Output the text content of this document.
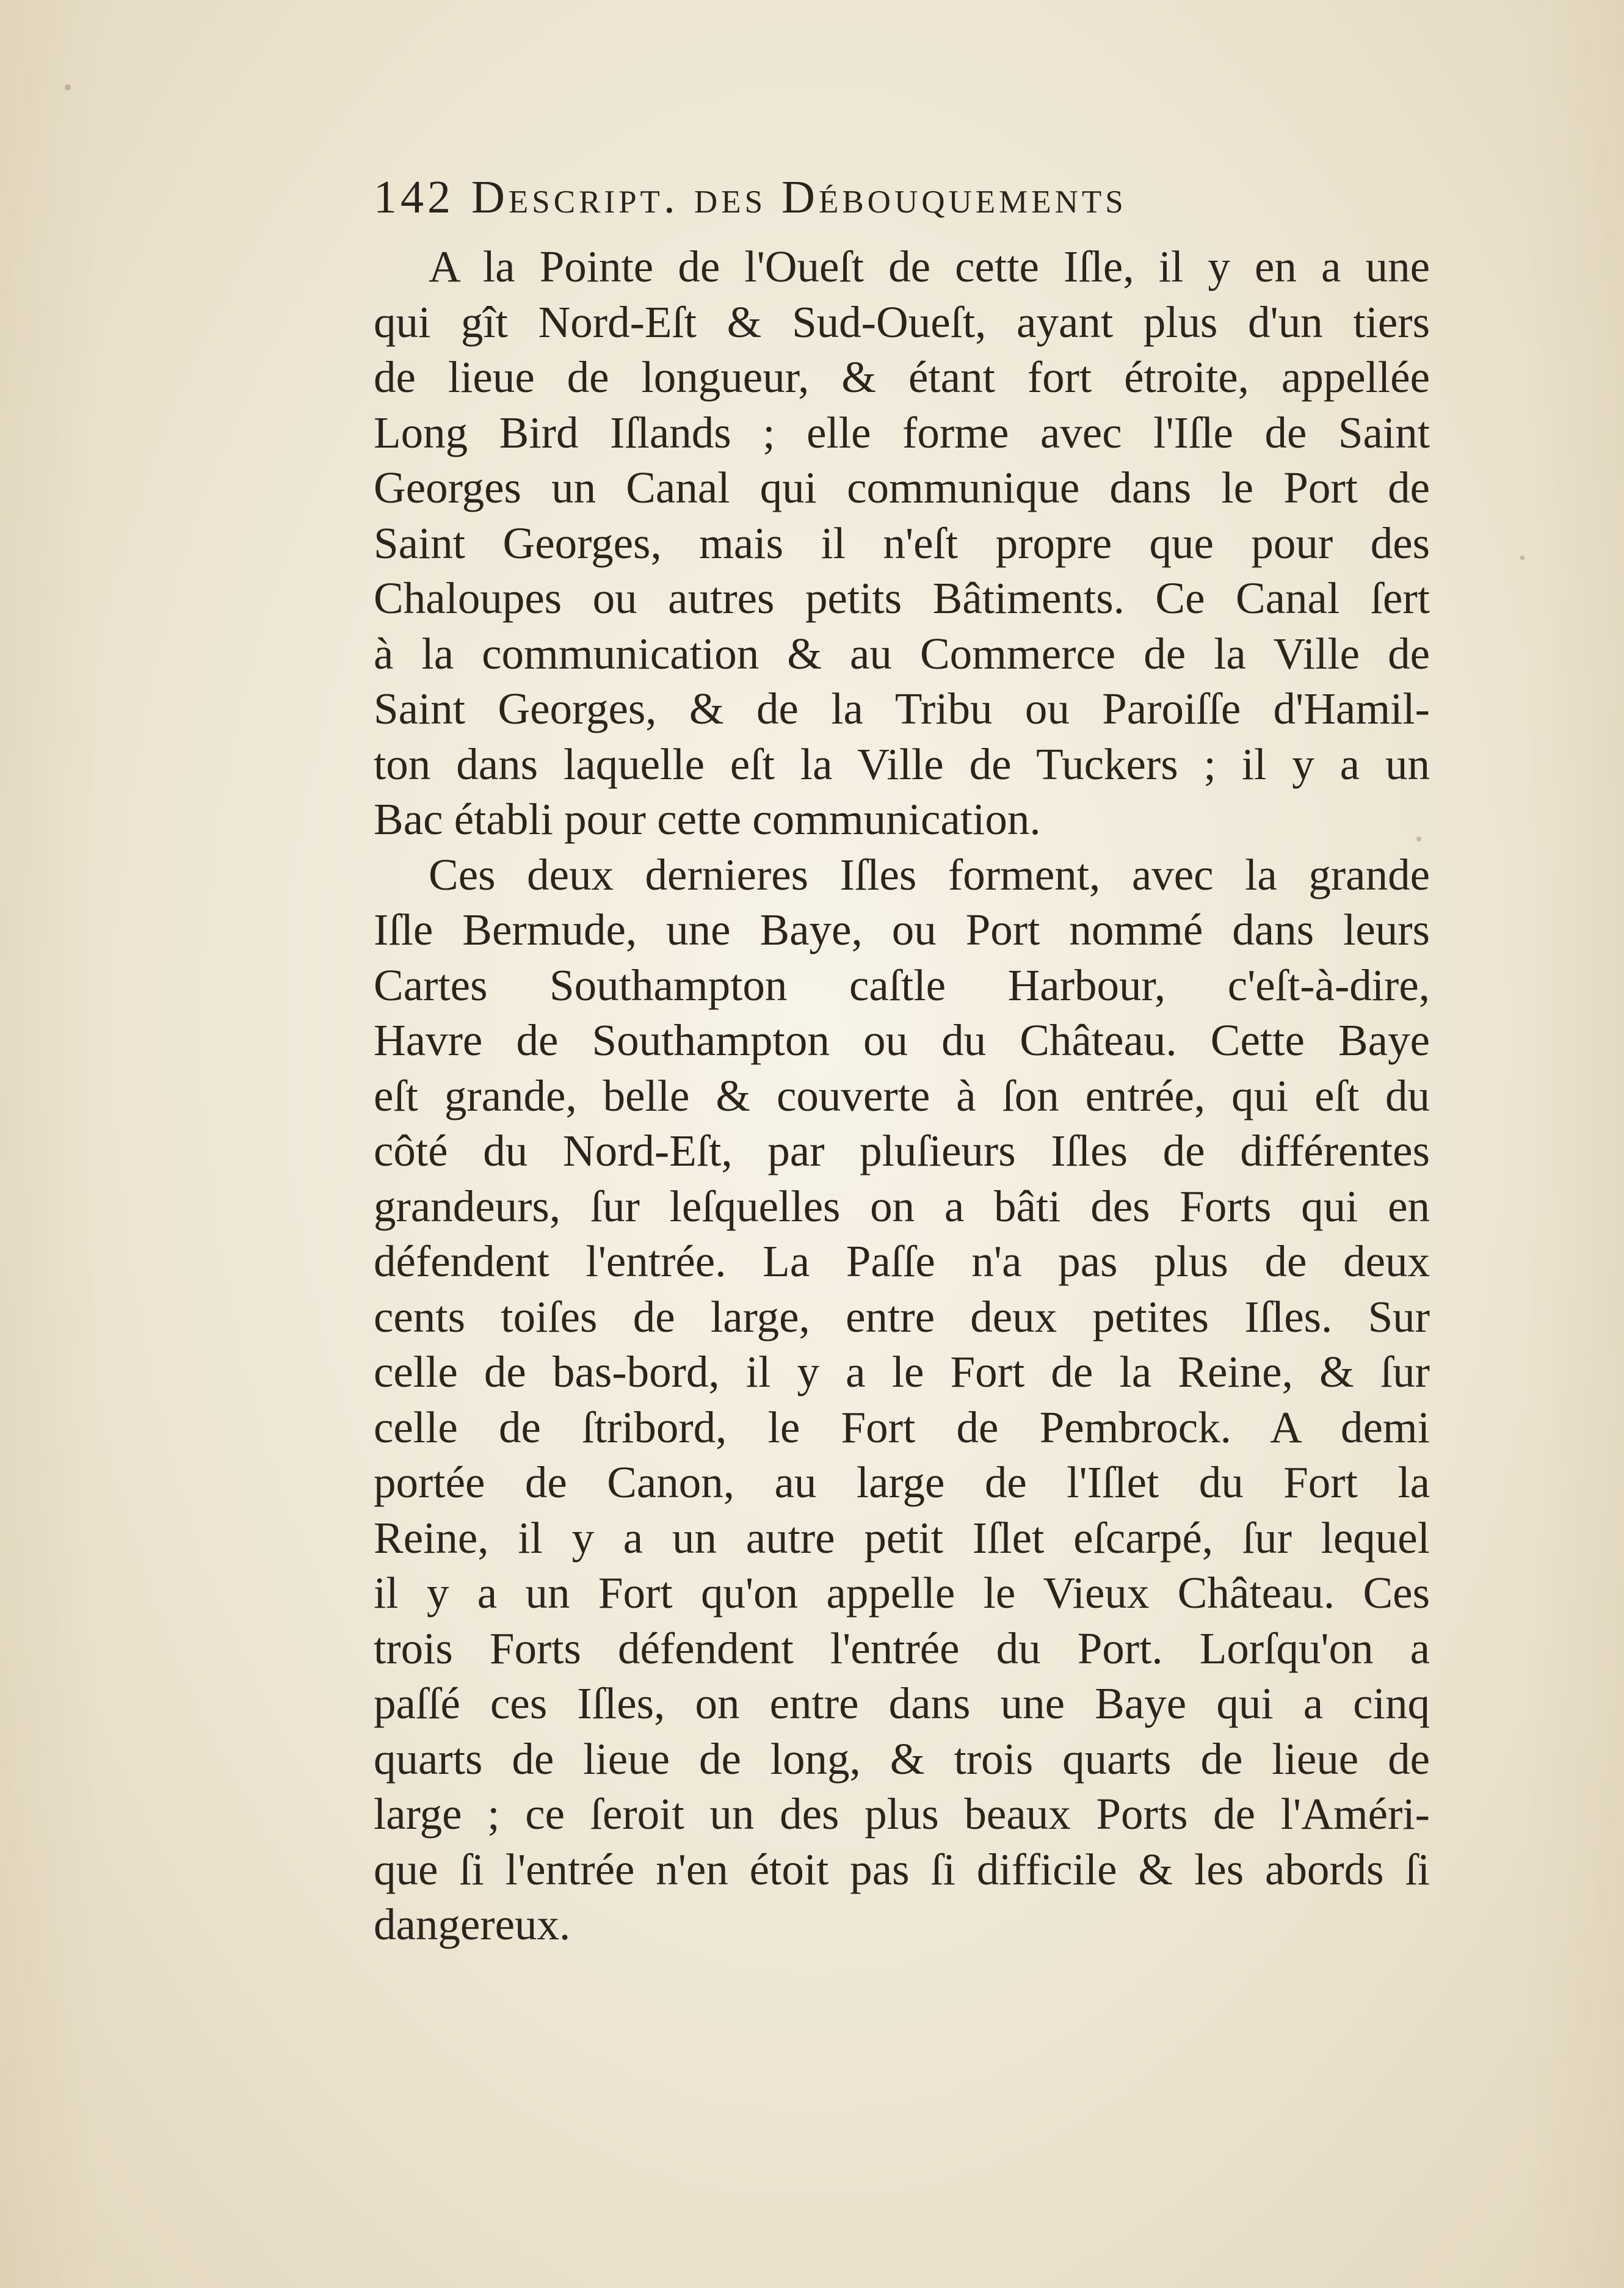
142 Descript. des Débouquements
A la Pointe de l'Oueſt de cette Iſle, il y en a une
qui gît Nord-Eſt & Sud-Oueſt, ayant plus d'un tiers
de lieue de longueur, & étant fort étroite, appellée
Long Bird Iſlands ; elle forme avec l'Iſle de Saint
Georges un Canal qui communique dans le Port de
Saint Georges, mais il n'eſt propre que pour des
Chaloupes ou autres petits Bâtiments. Ce Canal ſert
à la communication & au Commerce de la Ville de
Saint Georges, & de la Tribu ou Paroiſſe d'Hamil-
ton dans laquelle eſt la Ville de Tuckers ; il y a un
Bac établi pour cette communication.
Ces deux dernieres Iſles forment, avec la grande
Iſle Bermude, une Baye, ou Port nommé dans leurs
Cartes Southampton caſtle Harbour, c'eſt-à-dire,
Havre de Southampton ou du Château. Cette Baye
eſt grande, belle & couverte à ſon entrée, qui eſt du
côté du Nord-Eſt, par pluſieurs Iſles de différentes
grandeurs, ſur leſquelles on a bâti des Forts qui en
défendent l'entrée. La Paſſe n'a pas plus de deux
cents toiſes de large, entre deux petites Iſles. Sur
celle de bas-bord, il y a le Fort de la Reine, & ſur
celle de ſtribord, le Fort de Pembrock. A demi
portée de Canon, au large de l'Iſlet du Fort la
Reine, il y a un autre petit Iſlet eſcarpé, ſur lequel
il y a un Fort qu'on appelle le Vieux Château. Ces
trois Forts défendent l'entrée du Port. Lorſqu'on a
paſſé ces Iſles, on entre dans une Baye qui a cinq
quarts de lieue de long, & trois quarts de lieue de
large ; ce ſeroit un des plus beaux Ports de l'Améri-
que ſi l'entrée n'en étoit pas ſi difficile & les abords ſi
dangereux.
